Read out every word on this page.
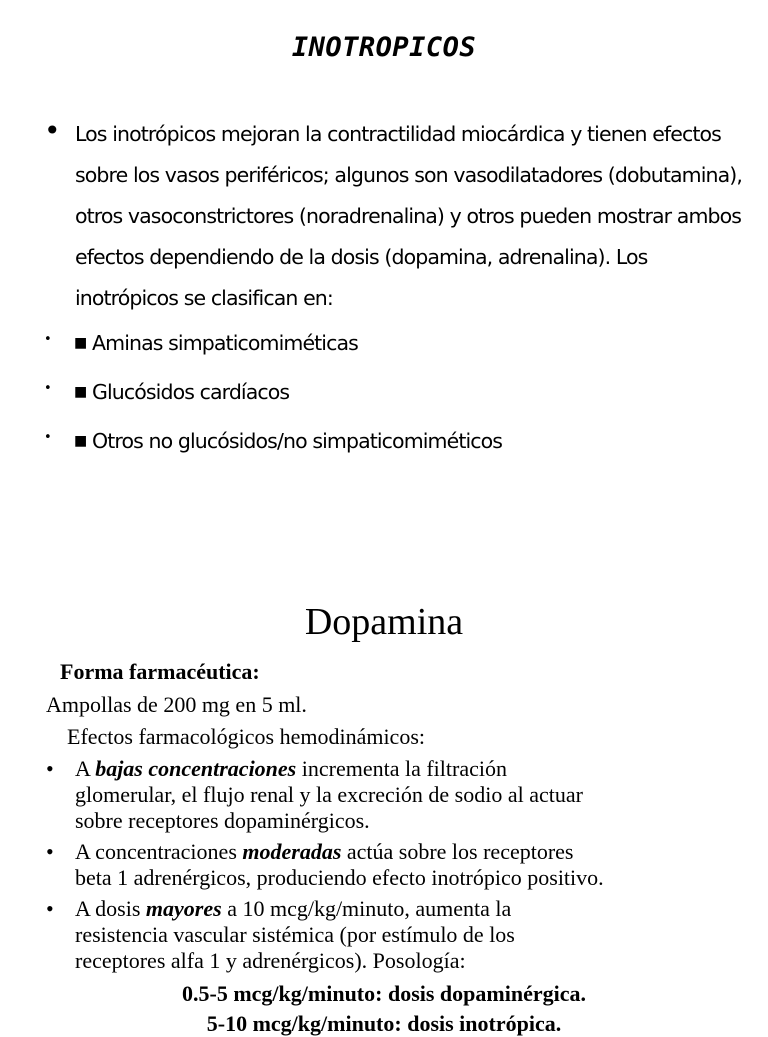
INOTROPICOS
• Los inotrópicos mejoran la contractilidad miocárdica y tienen efectos sobre los vasos periféricos; algunos son vasodilatadores (dobutamina), otros vasoconstrictores (noradrenalina) y otros pueden mostrar ambos efectos dependiendo de la dosis (dopamina, adrenalina). Los inotrópicos se clasifican en:
• ■ Aminas simpaticomiméticas
• ■ Glucósidos cardíacos
• ■ Otros no glucósidos/no simpaticomiméticos
Dopamina
Forma farmacéutica:
Ampollas de 200 mg en 5 ml.
Efectos farmacológicos hemodinámicos:
• A bajas concentraciones incrementa la filtración
glomerular, el flujo renal y la excreción de sodio al actuar
sobre receptores dopaminérgicos.
• A concentraciones moderadas actúa sobre los receptores
beta 1 adrenérgicos, produciendo efecto inotrópico positivo.
• A dosis mayores a 10 mcg/kg/minuto, aumenta la
resistencia vascular sistémica (por estímulo de los
receptores alfa 1 y adrenérgicos). Posología:
0.5-5 mcg/kg/minuto: dosis dopaminérgica.
5-10 mcg/kg/minuto: dosis inotrópica.
